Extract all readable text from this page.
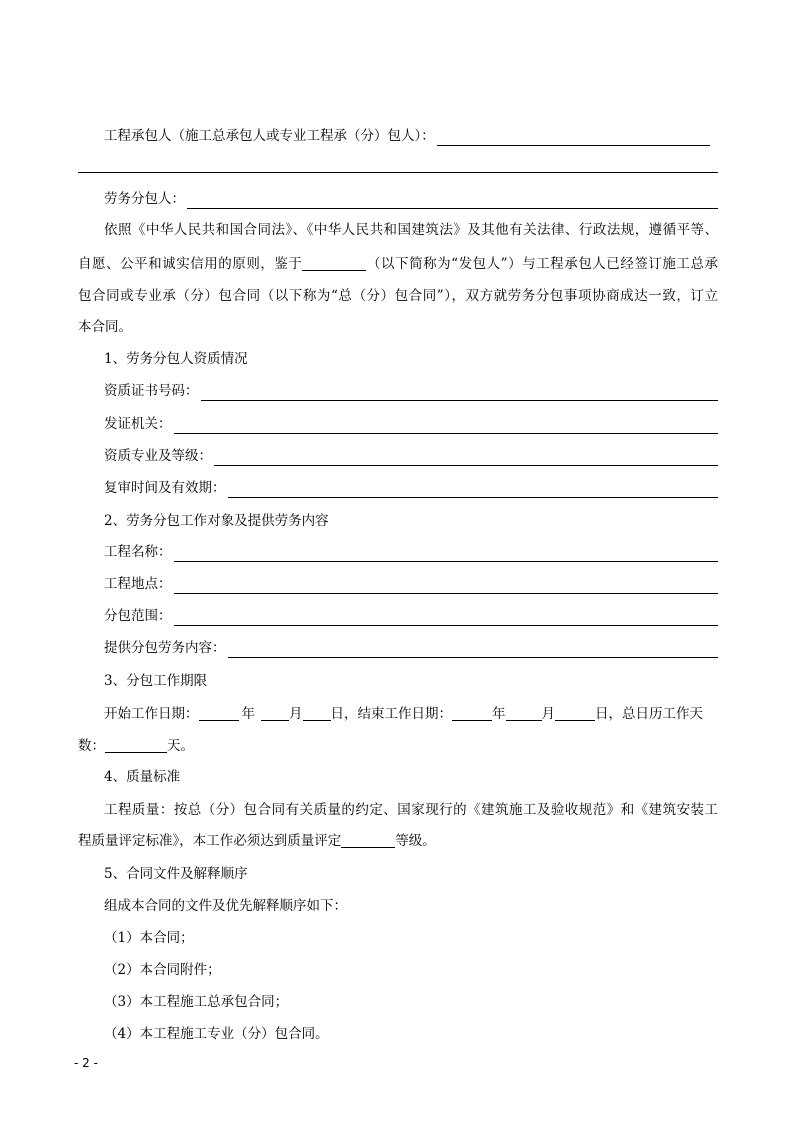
工程承包人（施工总承包人或专业工程承（分）包人）：
劳务分包人：
依照《中华人民共和国合同法》、《中华人民共和国建筑法》及其他有关法律、行政法规，遵循平等、
自愿、公平和诚实信用的原则，鉴于	（以下简称为“发包人”）与工程承包人已经签订施工总承
包合同或专业承（分）包合同（以下称为“总（分）包合同”），双方就劳务分包事项协商成达一致，订立
本合同。
1、劳务分包人资质情况
资质证书号码：
发证机关：
资质专业及等级：
复审时间及有效期：
2、劳务分包工作对象及提供劳务内容
工程名称：
工程地点：
分包范围：
提供分包劳务内容：
3、分包工作期限
开始工作日期：	年	月 日，结束工作日期：	年	月	日，总日历工作天
数：	天。
4、质量标准
工程质量：按总（分）包合同有关质量的约定、国家现行的《建筑施工及验收规范》和《建筑安装工
程质量评定标准》，本工作必须达到质量评定	等级。
5、合同文件及解释顺序
组成本合同的文件及优先解释顺序如下：
（1）本合同；
（2）本合同附件；
（3）本工程施工总承包合同；
（4）本工程施工专业（分）包合同。
- 2 -
